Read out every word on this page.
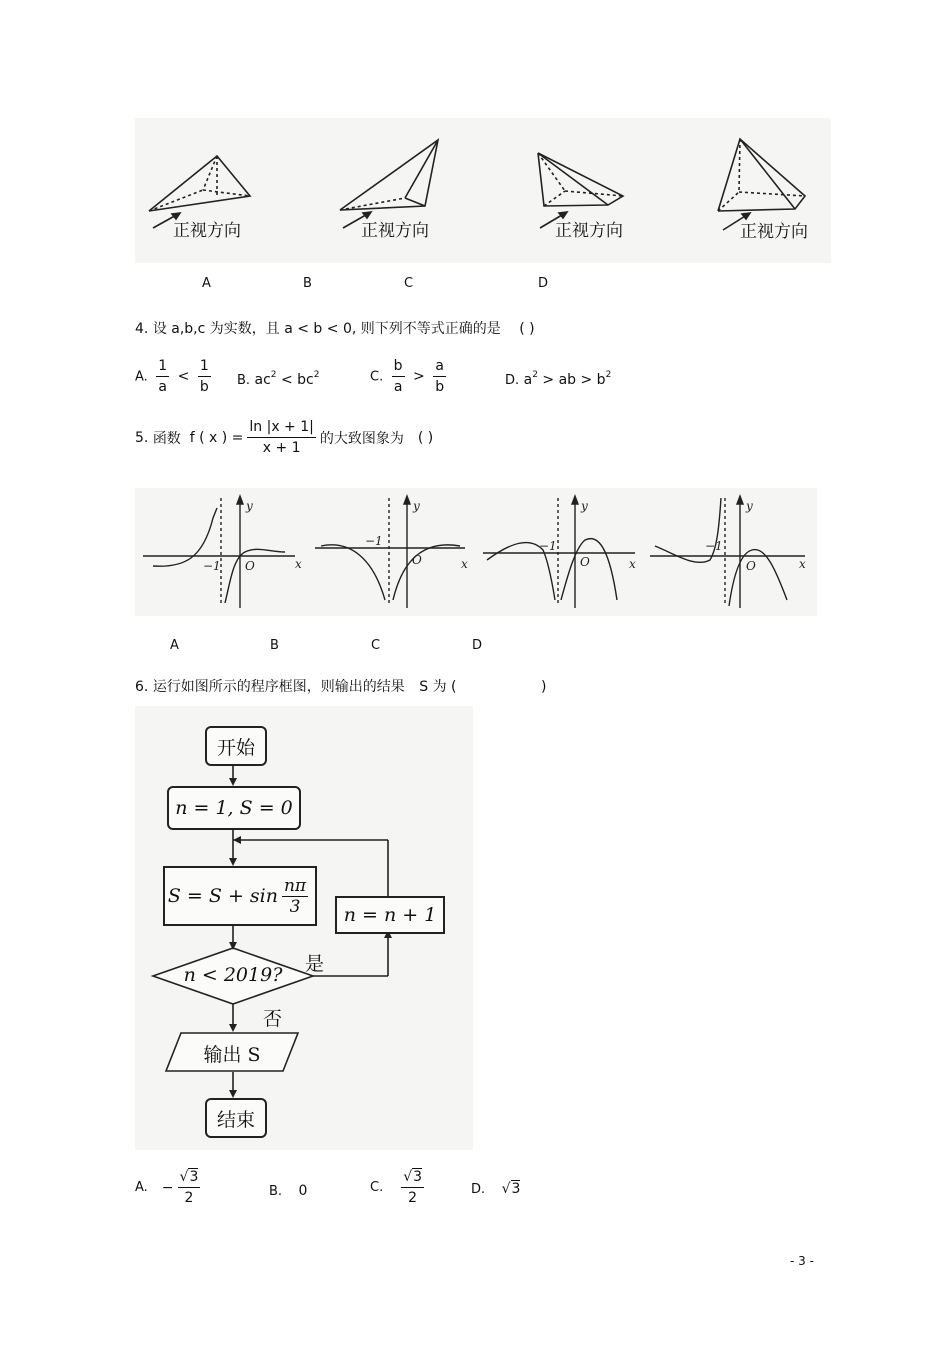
正视方向	正视方向	正视方向	正视方向
A	B	C	D
4. 设 a,b,c 为实数，且 a < b < 0, 则下列不等式正确的是 ( )
A. $\frac{1}{a} < \frac{1}{b} B$. $ac^2 < bc^2$	C. $\frac{b}{a} > \frac{a}{b}$	D. $a^2$ > ab > $b^2$
5.
函数
f ( x ) = $\frac{\ln |x + 1|}{x + 1}$ 的大致图象为 ( )
y
x
O
−1
y
x
O
−1
y
x
O
−1
y
x
O
−1
A	B	C	D
6. 运行如图所示的程序框图，则输出的结果 S 为 (	)
开始
n = 1, S = 0
$S = S + \sin \frac{n\pi}{3}$	n = n + 1
n < 2019?	是
否
输出 S
结束
A. − $\frac{√3}{2}$	B. 0	C. $\frac{√3}{2}$	D. √3
- 3 -
